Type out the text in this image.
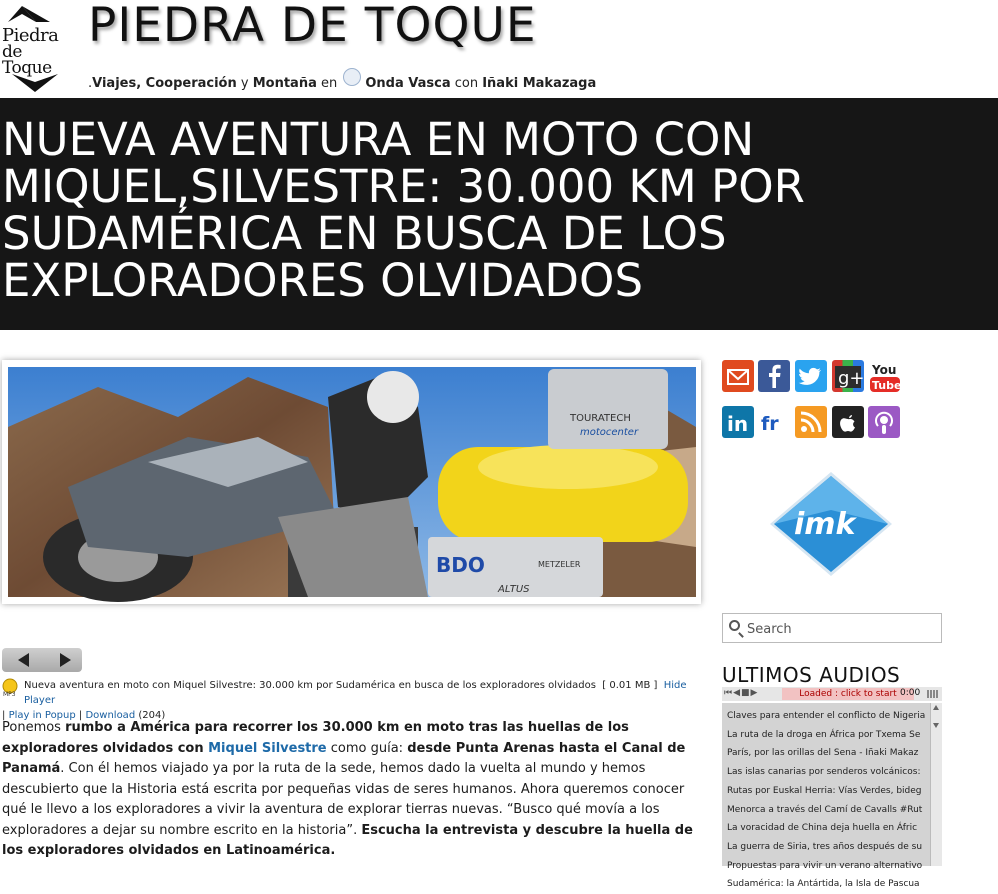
Piedra
de Toque
PIEDRA DE TOQUE
.Viajes, Cooperación y Montaña en Onda Vasca con Iñaki Makazaga
NUEVA AVENTURA EN MOTO CON MIQUEL,SILVESTRE: 30.000 KM POR SUDAMÉRICA EN BUSCA DE LOS EXPLORADORES OLVIDADOS
TOURATECH
motocenter
BDO	METZELER
ALTUS
MP3
Nueva aventura en moto con Miquel Silvestre: 30.000 km por Sudamérica en busca de los exploradores olvidados [ 0.01 MB ] Hide Player
| Play in Popup | Download (204)
Ponemos rumbo a América para recorrer los 30.000 km en moto tras las huellas de los exploradores olvidados con Miquel Silvestre como guía: desde Punta Arenas hasta el Canal de Panamá. Con él hemos viajado ya por la ruta de la sede, hemos dado la vuelta al mundo y hemos descubierto que la Historia está escrita por pequeñas vidas de seres humanos. Ahora queremos conocer qué le llevo a los exploradores a vivir la aventura de explorar tierras nuevas. “Busco qué movía a los exploradores a dejar su nombre escrito en la historia”. Escucha la entrevista y descubre la huella de los exploradores olvidados en Latinoamérica.
g+ You
Tube
in fr
imk
Search
ULTIMOS AUDIOS
⏮◀■▶	Loaded : click to start 0:00
Claves para entender el conflicto de Nigeria
La ruta de la droga en África por Txema Se
París, por las orillas del Sena - Iñaki Makaz
Las islas canarias por senderos volcánicos:
Rutas por Euskal Herria: Vías Verdes, bideg
Menorca a través del Camí de Cavalls #Rut
La voracidad de China deja huella en Áfric
La guerra de Siria, tres años después de su
Propuestas para vivir un verano alternativo
Sudamérica: la Antártida, la Isla de Pascua
